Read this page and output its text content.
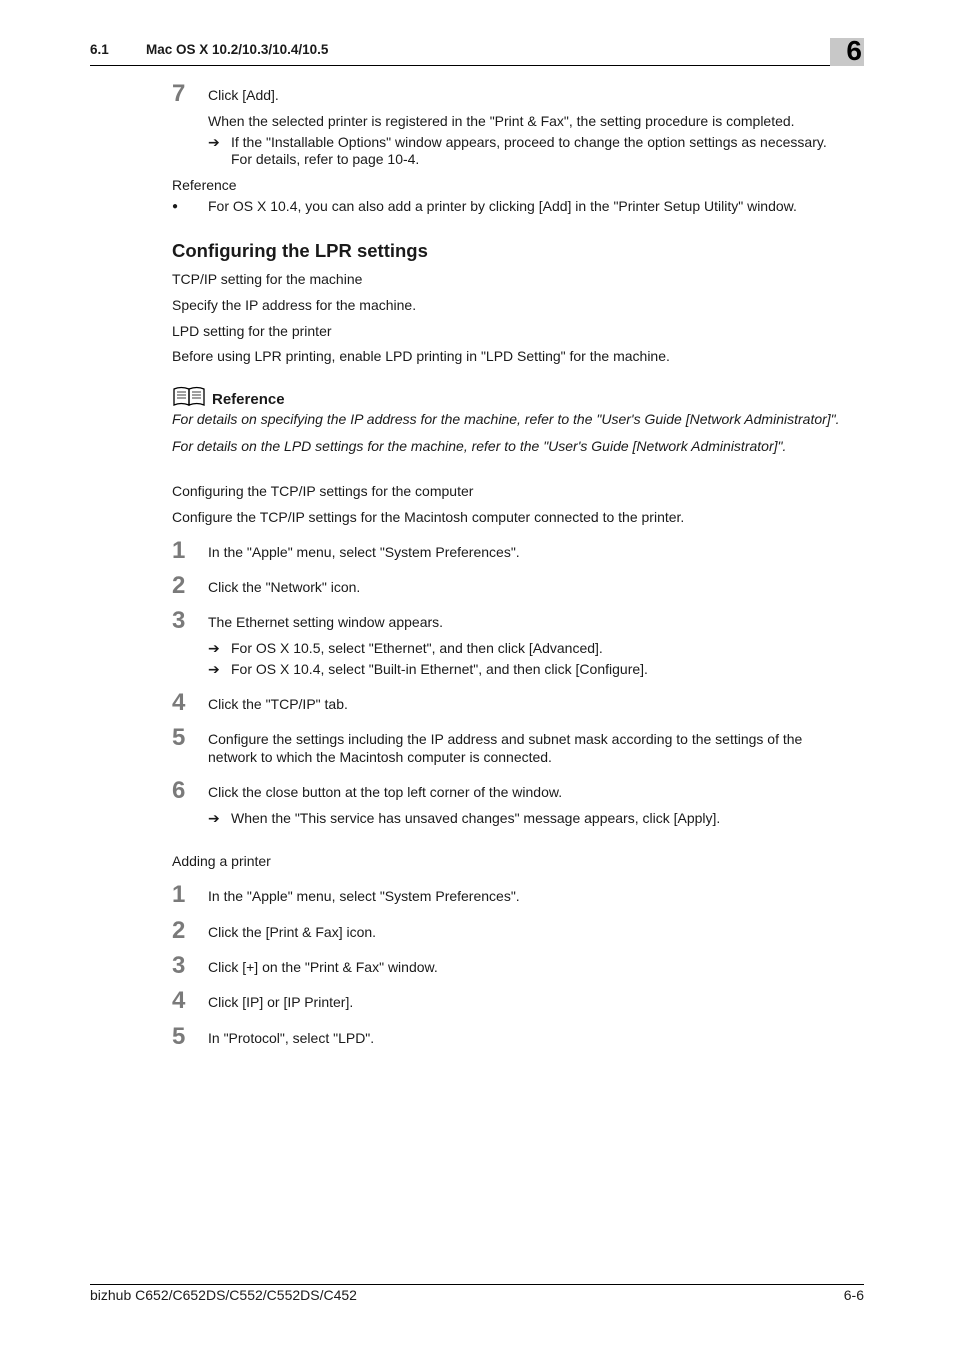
6.1	Mac OS X 10.2/10.3/10.4/10.5	6
7 Click [Add].
When the selected printer is registered in the "Print & Fax", the setting procedure is completed.
➔ If the "Installable Options" window appears, proceed to change the option settings as necessary.
For details, refer to page 10-4.
Reference
● For OS X 10.4, you can also add a printer by clicking [Add] in the "Printer Setup Utility" window.
Configuring the LPR settings
TCP/IP setting for the machine
Specify the IP address for the machine.
LPD setting for the printer
Before using LPR printing, enable LPD printing in "LPD Setting" for the machine.
Reference
For details on specifying the IP address for the machine, refer to the "User's Guide [Network Administrator]".
For details on the LPD settings for the machine, refer to the "User's Guide [Network Administrator]".
Configuring the TCP/IP settings for the computer
Configure the TCP/IP settings for the Macintosh computer connected to the printer.
1 In the "Apple" menu, select "System Preferences".
2 Click the "Network" icon.
3 The Ethernet setting window appears.
➔ For OS X 10.5, select "Ethernet", and then click [Advanced].
➔ For OS X 10.4, select "Built-in Ethernet", and then click [Configure].
4 Click the "TCP/IP" tab.
5 Configure the settings including the IP address and subnet mask according to the settings of the
network to which the Macintosh computer is connected.
6 Click the close button at the top left corner of the window.
➔ When the "This service has unsaved changes" message appears, click [Apply].
Adding a printer
1 In the "Apple" menu, select "System Preferences".
2 Click the [Print & Fax] icon.
3 Click [+] on the "Print & Fax" window.
4 Click [IP] or [IP Printer].
5 In "Protocol", select "LPD".
bizhub C652/C652DS/C552/C552DS/C452	6-6
